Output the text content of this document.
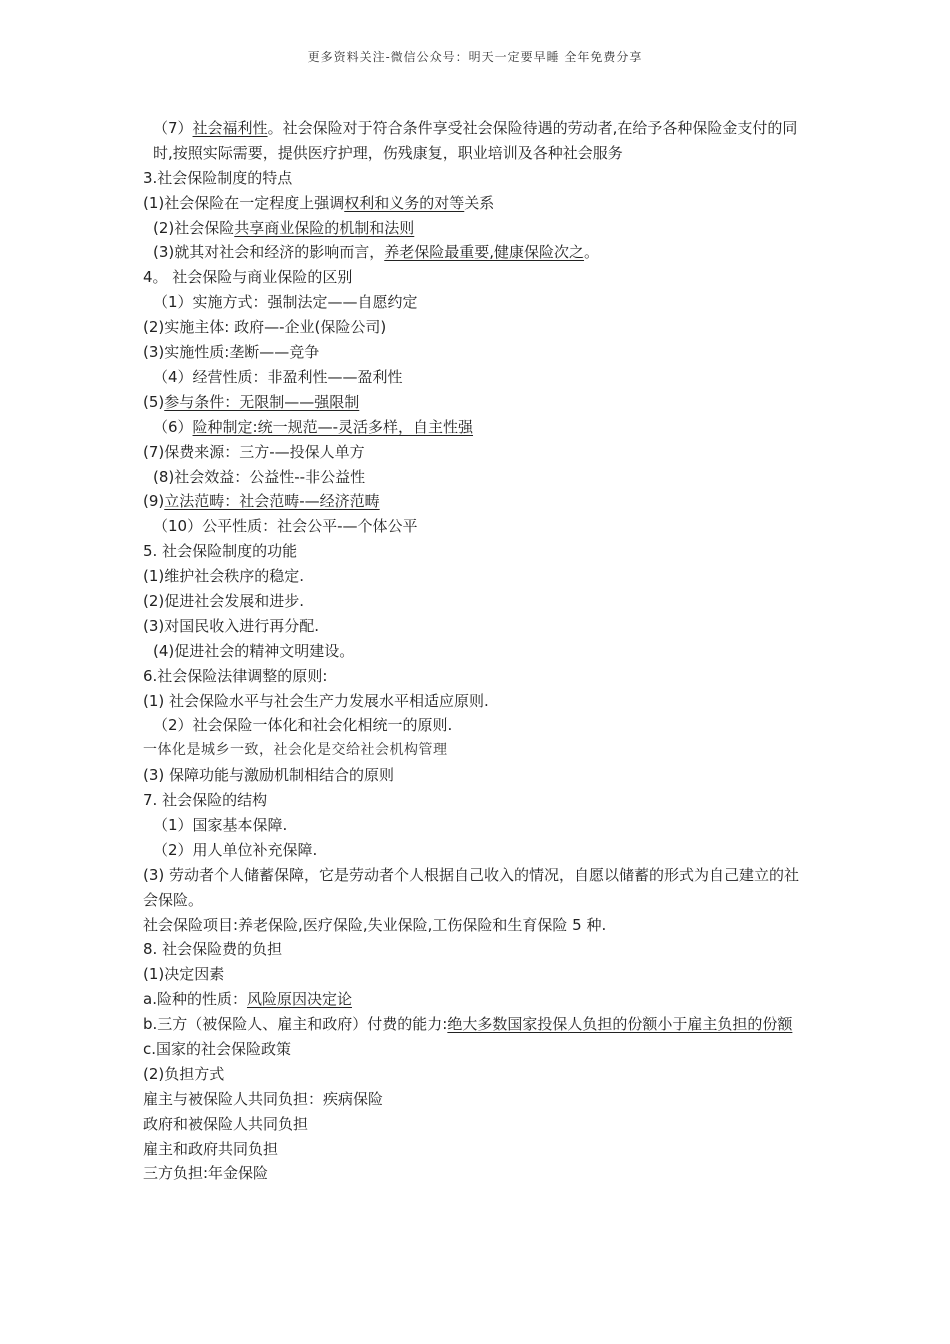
更多资料关注-微信公众号：明天一定要早睡 全年免费分享
（7）社会福利性。社会保险对于符合条件享受社会保险待遇的劳动者,在给予各种保险金支付的同时,按照实际需要，提供医疗护理，伤残康复，职业培训及各种社会服务
3.社会保险制度的特点
(1)社会保险在一定程度上强调权利和义务的对等关系
(2)社会保险共享商业保险的机制和法则
(3)就其对社会和经济的影响而言，养老保险最重要,健康保险次之。
4。 社会保险与商业保险的区别
（1）实施方式：强制法定——自愿约定
(2)实施主体: 政府—-企业(保险公司)
(3)实施性质:垄断——竞争
（4）经营性质：非盈利性——盈利性
(5)参与条件：无限制——强限制
（6）险种制定:统一规范—-灵活多样，自主性强
(7)保费来源：三方-—投保人单方
(8)社会效益：公益性--非公益性
(9)立法范畴：社会范畴-—经济范畴
（10）公平性质：社会公平-—个体公平
5. 社会保险制度的功能
(1)维护社会秩序的稳定.
(2)促进社会发展和进步.
(3)对国民收入进行再分配.
(4)促进社会的精神文明建设。
6.社会保险法律调整的原则:
(1) 社会保险水平与社会生产力发展水平相适应原则.
（2）社会保险一体化和社会化相统一的原则.
一体化是城乡一致，社会化是交给社会机构管理
(3) 保障功能与激励机制相结合的原则
7. 社会保险的结构
（1）国家基本保障.
（2）用人单位补充保障.
(3) 劳动者个人储蓄保障，它是劳动者个人根据自己收入的情况，自愿以储蓄的形式为自己建立的社会保险。
社会保险项目:养老保险,医疗保险,失业保险,工伤保险和生育保险 5 种.
8. 社会保险费的负担
(1)决定因素
a.险种的性质：风险原因决定论
b.三方（被保险人、雇主和政府）付费的能力:绝大多数国家投保人负担的份额小于雇主负担的份额
c.国家的社会保险政策
(2)负担方式
雇主与被保险人共同负担：疾病保险
政府和被保险人共同负担
雇主和政府共同负担
三方负担:年金保险
